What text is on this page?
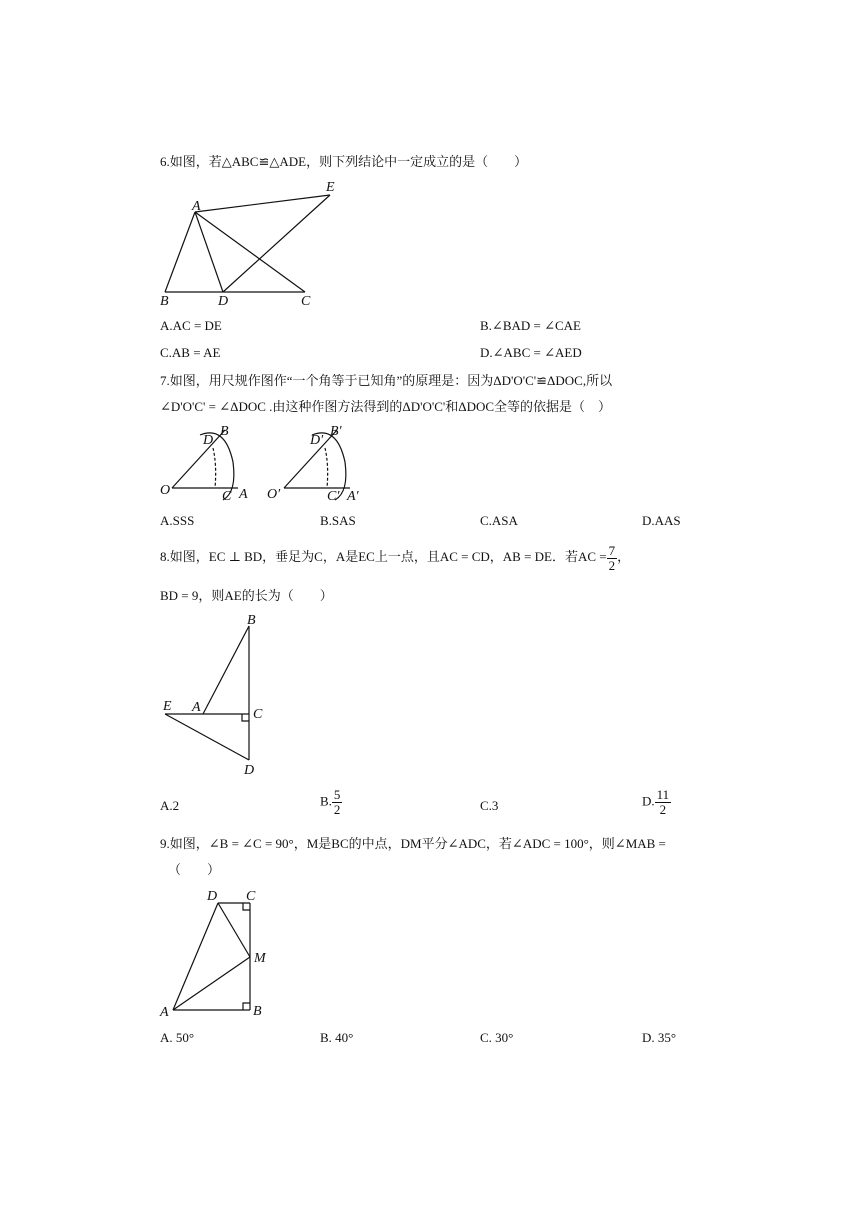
6.如图，若△ABC≌△ADE，则下列结论中一定成立的是（　　）
A
B	D	C
E
A.AC = DE	B.∠BAD = ∠CAE
C.AB = AE	D.∠ABC = ∠AED
7.如图，用尺规作图作“一个角等于已知角”的原理是：因为ΔD'O'C'≌ΔDOC,所以
∠D'O'C' = ∠ΔDOC .由这种作图方法得到的ΔD'O'C'和ΔDOC全等的依据是（　）
O
D
B
C A O′
D′
B′
C′ A′
A.SSS	B.SAS	C.ASA	D.AAS
8.如图，EC ⊥ BD，垂足为C，A是EC上一点，且AC = CD，AB = DE．若AC = $\frac{7}{2}$ ，
BD = 9，则AE的长为（　　）
B
E A	C
D
A.2	B. $\frac{5}{2}$	C.3	D. $\frac{11}{2}$
9.如图，∠B = ∠C = 90°，M是BC的中点，DM平分∠ADC，若∠ADC = 100°，则∠MAB =
（　　）
D C
M
A	B
A. 50°	B. 40°	C. 30°	D. 35°
